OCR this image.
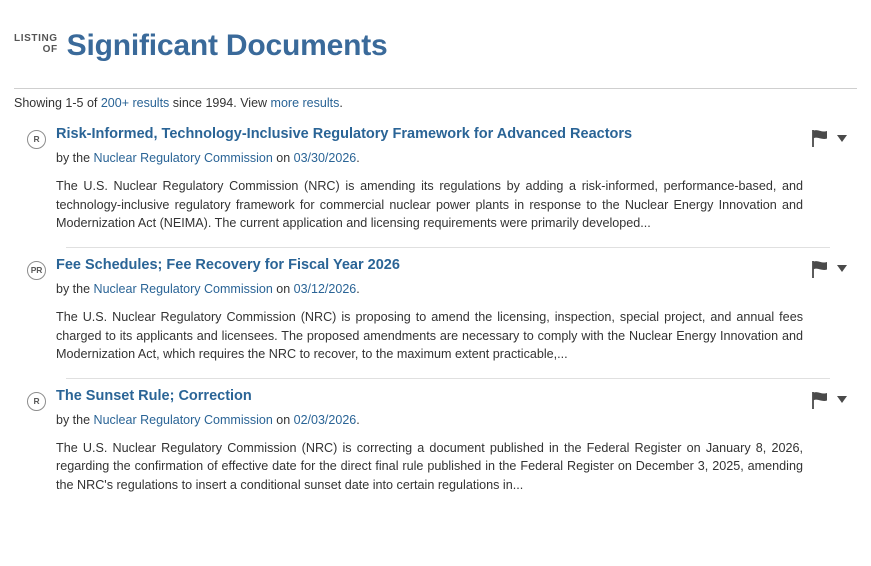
LISTING
OF Significant Documents
Showing 1-5 of 200+ results since 1994. View more results.
R	Risk-Informed, Technology-Inclusive Regulatory Framework for Advanced Reactors
by the Nuclear Regulatory Commission on 03/30/2026.

The U.S. Nuclear Regulatory Commission (NRC) is amending its regulations by adding a risk-informed, performance-based, and technology-inclusive regulatory framework for commercial nuclear power plants in response to the Nuclear Energy Innovation and Modernization Act (NEIMA). The current application and licensing requirements were primarily developed...

PR Fee Schedules; Fee Recovery for Fiscal Year 2026
by the Nuclear Regulatory Commission on 03/12/2026.

The U.S. Nuclear Regulatory Commission (NRC) is proposing to amend the licensing, inspection, special project, and annual fees charged to its applicants and licensees. The proposed amendments are necessary to comply with the Nuclear Energy Innovation and Modernization Act, which requires the NRC to recover, to the maximum extent practicable,...

R	The Sunset Rule; Correction
by the Nuclear Regulatory Commission on 02/03/2026.

The U.S. Nuclear Regulatory Commission (NRC) is correcting a document published in the Federal Register on January 8, 2026, regarding the confirmation of effective date for the direct final rule published in the Federal Register on December 3, 2025, amending the NRC's regulations to insert a conditional sunset date into certain regulations in...
